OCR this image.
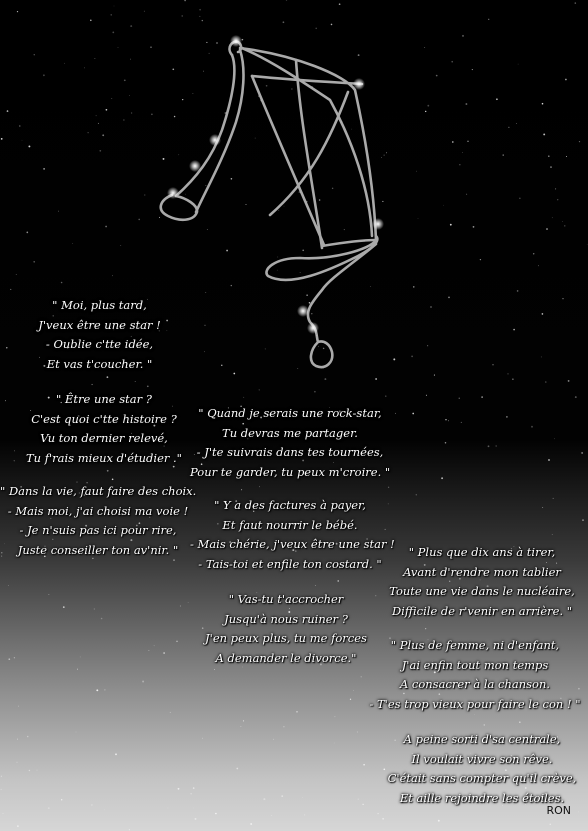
" Moi, plus tard,
J'veux être une star !
- Oublie c'tte idée,
Et vas t'coucher. "

" Être une star ?
C'est quoi c'tte histoire ?
Vu ton dernier relevé,
Tu f'rais mieux d'étudier ."

" Dans la vie, faut faire des choix.
- Mais moi, j'ai choisi ma voie !
- Je n'suis pas ici pour rire,
Juste conseiller ton av'nir. "

" Quand je serais une rock-star,
Tu devras me partager.
- J'te suivrais dans tes tournées,
Pour te garder, tu peux m'croire. "

" Y a des factures à payer,
Et faut nourrir le bébé.
- Mais chérie, j'veux être une star !
- Tais-toi et enfile ton costard. "

" Vas-tu t'accrocher
Jusqu'à nous ruiner ?
J'en peux plus, tu me forces
A demander le divorce."

" Plus que dix ans à tirer,
Avant d'rendre mon tablier
Toute une vie dans le nucléaire,
Difficile de r'venir en arrière. "

" Plus de femme, ni d'enfant,
J'ai enfin tout mon temps
A consacrer à la chanson.
- T'es trop vieux pour faire le con ! "

A peine sorti d'sa centrale,
Il voulait vivre son rêve.
C'était sans compter qu'il crève,
Et aille rejoindre les étoiles.

RON
